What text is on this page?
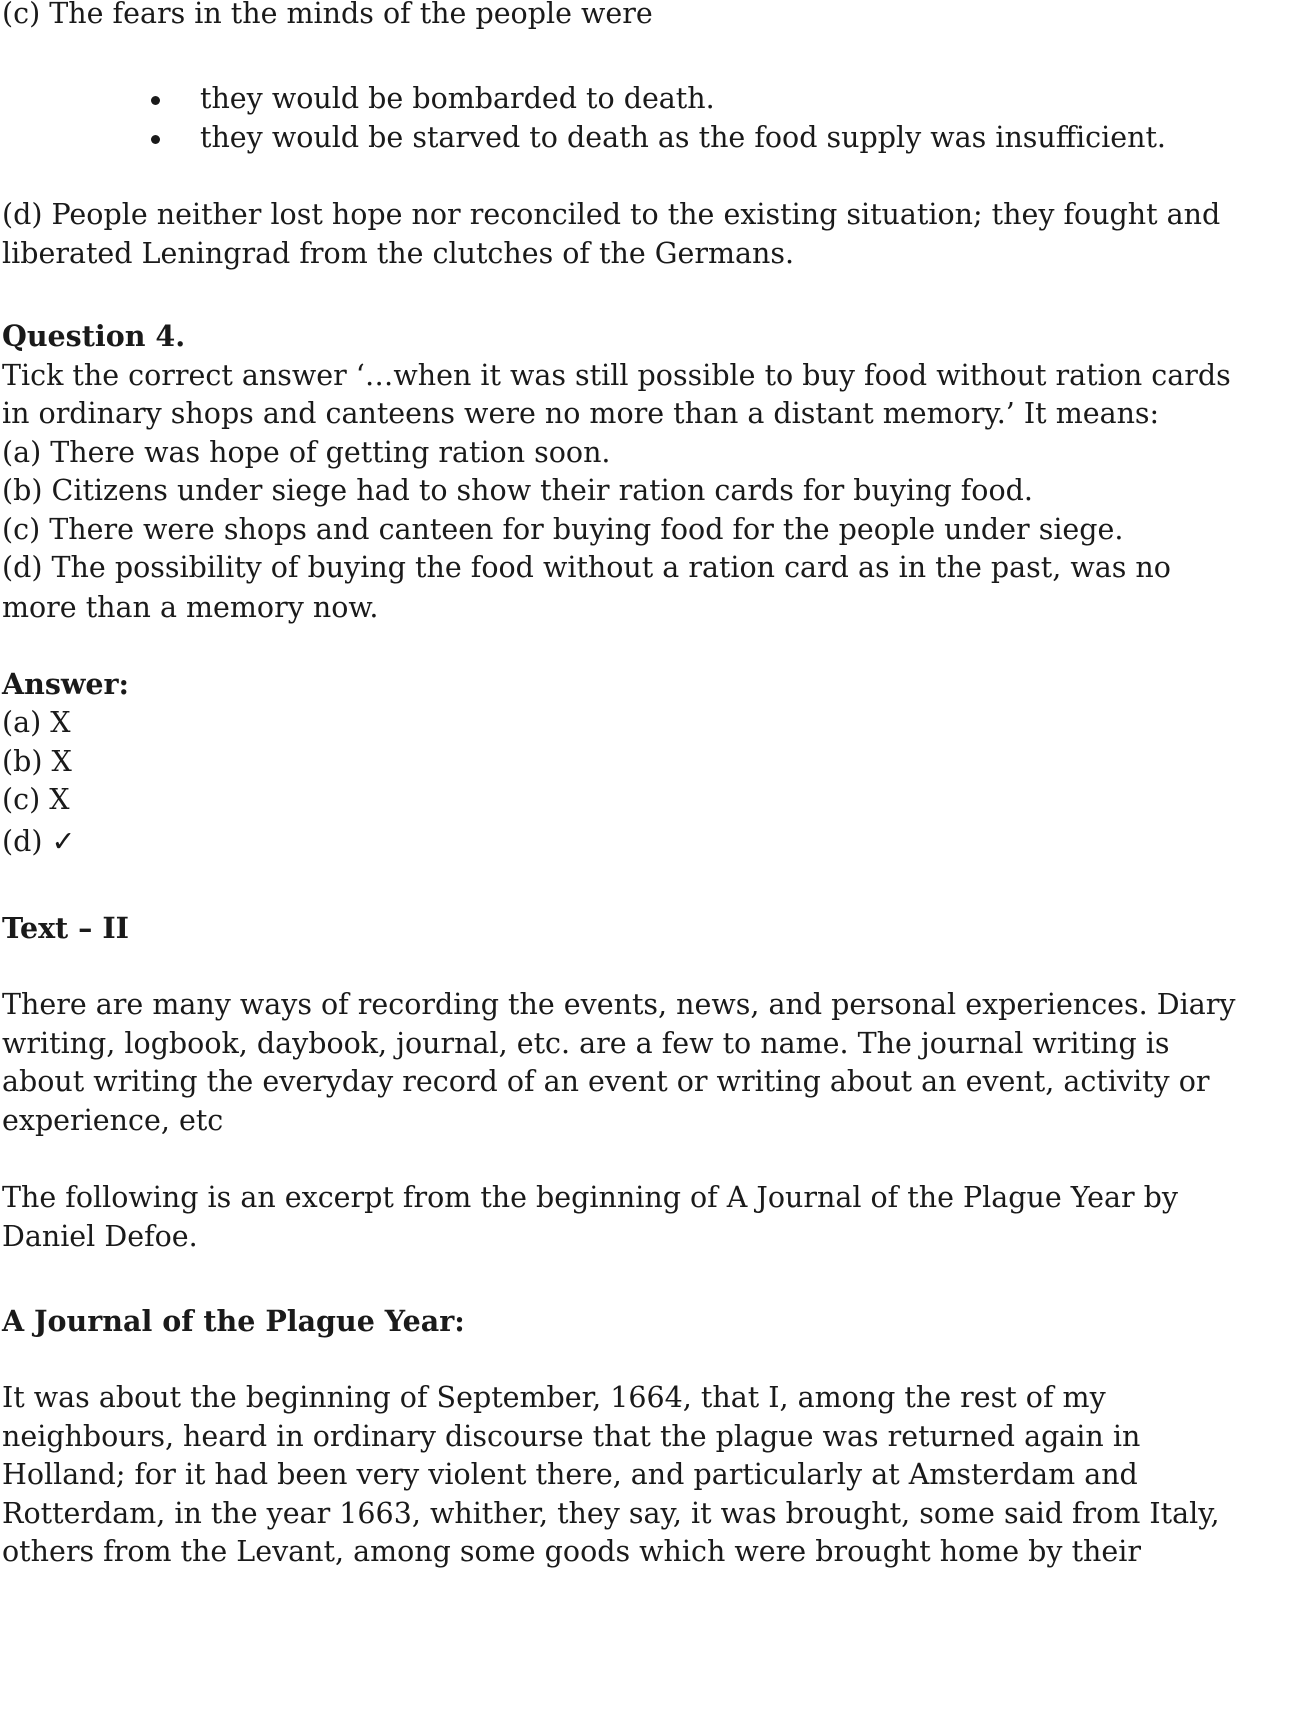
(c) The fears in the minds of the people were
they would be bombarded to death.
they would be starved to death as the food supply was insufficient.
(d) People neither lost hope nor reconciled to the existing situation; they fought and
liberated Leningrad from the clutches of the Germans.
Question 4.
Tick the correct answer ‘…when it was still possible to buy food without ration cards
in ordinary shops and canteens were no more than a distant memory.’ It means:
(a) There was hope of getting ration soon.
(b) Citizens under siege had to show their ration cards for buying food.
(c) There were shops and canteen for buying food for the people under siege.
(d) The possibility of buying the food without a ration card as in the past, was no
more than a memory now.
Answer:
(a) X
(b) X
(c) X
(d) ✓
Text – II
There are many ways of recording the events, news, and personal experiences. Diary
writing, logbook, daybook, journal, etc. are a few to name. The journal writing is
about writing the everyday record of an event or writing about an event, activity or
experience, etc
The following is an excerpt from the beginning of A Journal of the Plague Year by
Daniel Defoe.
A Journal of the Plague Year:
It was about the beginning of September, 1664, that I, among the rest of my
neighbours, heard in ordinary discourse that the plague was returned again in
Holland; for it had been very violent there, and particularly at Amsterdam and
Rotterdam, in the year 1663, whither, they say, it was brought, some said from Italy,
others from the Levant, among some goods which were brought home by their
